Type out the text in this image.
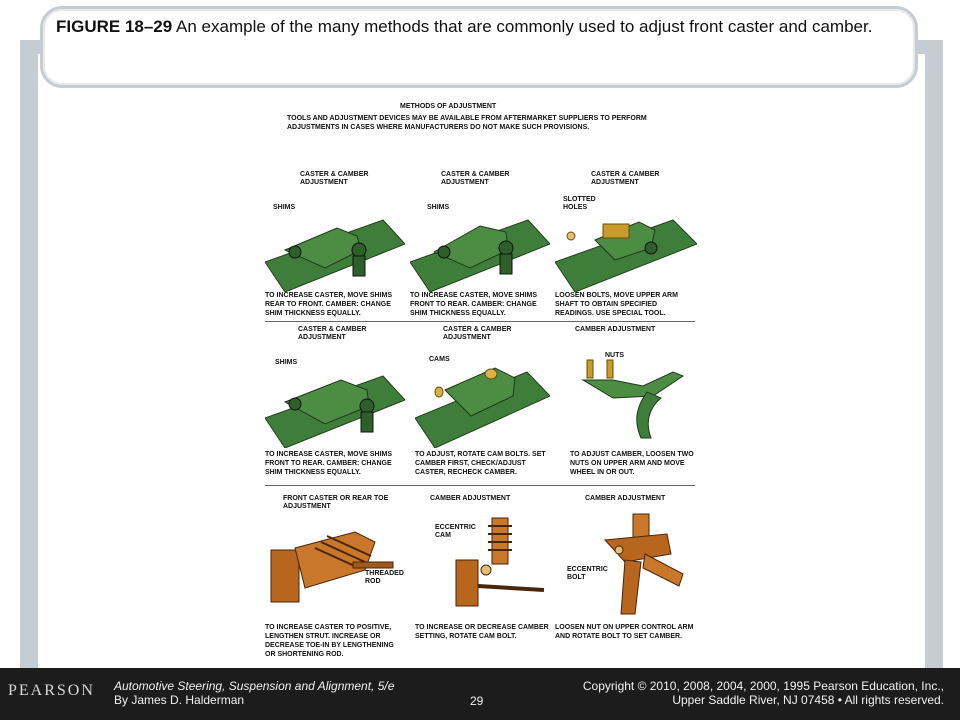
FIGURE 18–29 An example of the many methods that are commonly used to adjust front caster and camber.
METHODS OF ADJUSTMENT
TOOLS AND ADJUSTMENT DEVICES MAY BE AVAILABLE FROM AFTERMARKET SUPPLIERS TO PERFORM ADJUSTMENTS IN CASES WHERE MANUFACTURERS DO NOT MAKE SUCH PROVISIONS.
CASTER & CAMBER ADJUSTMENT
SHIMS
TO INCREASE CASTER, MOVE SHIMS REAR TO FRONT. CAMBER: CHANGE SHIM THICKNESS EQUALLY.
CASTER & CAMBER ADJUSTMENT
SHIMS
TO INCREASE CASTER, MOVE SHIMS FRONT TO REAR. CAMBER: CHANGE SHIM THICKNESS EQUALLY.
CASTER & CAMBER ADJUSTMENT
SLOTTED HOLES
LOOSEN BOLTS, MOVE UPPER ARM SHAFT TO OBTAIN SPECIFIED READINGS. USE SPECIAL TOOL.
CASTER & CAMBER ADJUSTMENT
SHIMS
TO INCREASE CASTER, MOVE SHIMS FRONT TO REAR. CAMBER: CHANGE SHIM THICKNESS EQUALLY.
CASTER & CAMBER ADJUSTMENT
CAMS
TO ADJUST, ROTATE CAM BOLTS. SET CAMBER FIRST, CHECK/ADJUST CASTER, RECHECK CAMBER.
CAMBER ADJUSTMENT
NUTS
TO ADJUST CAMBER, LOOSEN TWO NUTS ON UPPER ARM AND MOVE WHEEL IN OR OUT.
FRONT CASTER OR REAR TOE ADJUSTMENT
THREADED ROD
TO INCREASE CASTER TO POSITIVE, LENGTHEN STRUT. INCREASE OR DECREASE TOE-IN BY LENGTHENING OR SHORTENING ROD.
CAMBER ADJUSTMENT
ECCENTRIC CAM
TO INCREASE OR DECREASE CAMBER SETTING, ROTATE CAM BOLT.
CAMBER ADJUSTMENT
ECCENTRIC BOLT
LOOSEN NUT ON UPPER CONTROL ARM AND ROTATE BOLT TO SET CAMBER.
PEARSON Automotive Steering, Suspension and Alignment, 5/e
By James D. Halderman	29
Copyright © 2010, 2008, 2004, 2000, 1995 Pearson Education, Inc.,
Upper Saddle River, NJ 07458 • All rights reserved.
